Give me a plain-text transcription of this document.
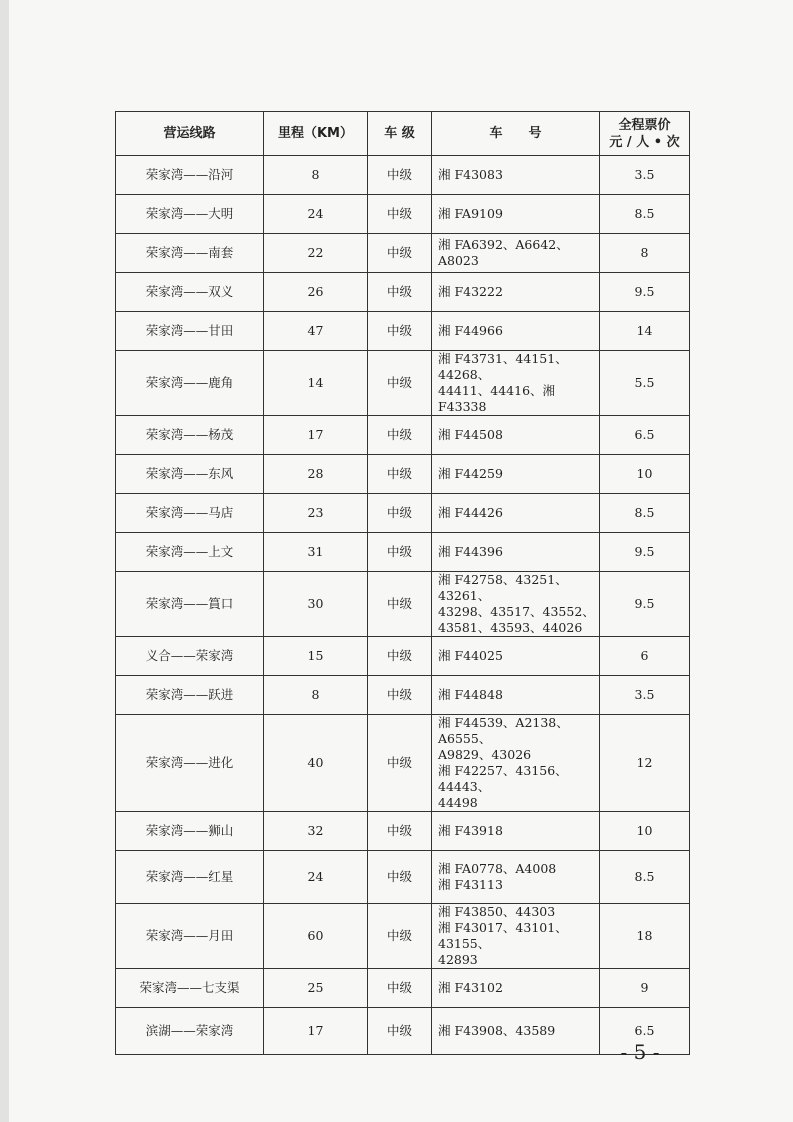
营运线路	里程（KM）	车 级	车　　号	全程票价
元 / 人 • 次

荣家湾——沿河	8	中级	湘 F43083	3.5
荣家湾——大明	24	中级	湘 FA9109	8.5
荣家湾——南套	22	中级	湘 FA6392、A6642、A8023	8
荣家湾——双义	26	中级	湘 F43222	9.5
荣家湾——甘田	47	中级	湘 F44966	14
荣家湾——鹿角	14	中级	湘 F43731、44151、44268、
44411、44416、湘 F43338	5.5
荣家湾——杨茂	17	中级	湘 F44508	6.5
荣家湾——东风	28	中级	湘 F44259	10
荣家湾——马店	23	中级	湘 F44426	8.5
荣家湾——上文	31	中级	湘 F44396	9.5
荣家湾——篔口	30	中级	湘 F42758、43251、43261、
43298、43517、43552、
43581、43593、44026	9.5
义合——荣家湾	15	中级	湘 F44025	6
荣家湾——跃进	8	中级	湘 F44848	3.5
荣家湾——进化	40	中级	湘 F44539、A2138、A6555、
A9829、43026
湘 F42257、43156、44443、
44498	12
荣家湾——狮山	32	中级	湘 F43918	10
荣家湾——红星	24	中级	湘 FA0778、A4008
湘 F43113	8.5
荣家湾——月田	60	中级	湘 F43850、44303
湘 F43017、43101、43155、
42893	18
荣家湾——七支渠	25	中级	湘 F43102	9
滨湖——荣家湾	17	中级	湘 F43908、43589	6.5
- 5 -
